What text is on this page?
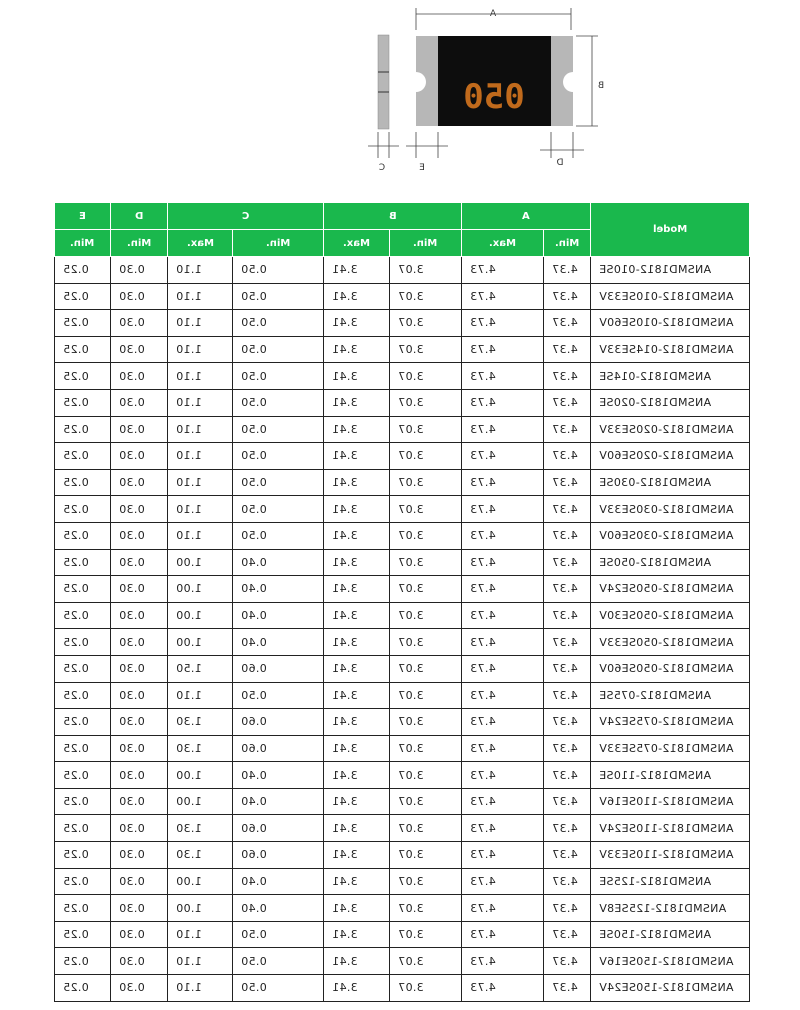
A
050	B
D
C	E
E	D	C		B		A		Model
Min.	Min.	Max.	Min.	Max.	Min.	Max.	Min.	
0.25	0.30	1.10	0.50	3.41	3.07	4.73	4.37	ANSMD1812-010SE
0.25	0.30	1.10	0.50	3.41	3.07	4.73	4.37	ANSMD1812-010SE33V
0.25	0.30	1.10	0.50	3.41	3.07	4.73	4.37	ANSMD1812-010SE60V
0.25	0.30	1.10	0.50	3.41	3.07	4.73	4.37	ANSMD1812-014SE33V
0.25	0.30	1.10	0.50	3.41	3.07	4.73	4.37	ANSMD1812-014SE
0.25	0.30	1.10	0.50	3.41	3.07	4.73	4.37	ANSMD1812-020SE
0.25	0.30	1.10	0.50	3.41	3.07	4.73	4.37	ANSMD1812-020SE33V
0.25	0.30	1.10	0.50	3.41	3.07	4.73	4.37	ANSMD1812-020SE60V
0.25	0.30	1.10	0.50	3.41	3.07	4.73	4.37	ANSMD1812-030SE
0.25	0.30	1.10	0.50	3.41	3.07	4.73	4.37	ANSMD1812-030SE33V
0.25	0.30	1.10	0.50	3.41	3.07	4.73	4.37	ANSMD1812-030SE60V
0.25	0.30	1.00	0.40	3.41	3.07	4.73	4.37	ANSMD1812-050SE
0.25	0.30	1.00	0.40	3.41	3.07	4.73	4.37	ANSMD1812-050SE24V
0.25	0.30	1.00	0.40	3.41	3.07	4.73	4.37	ANSMD1812-050SE30V
0.25	0.30	1.00	0.40	3.41	3.07	4.73	4.37	ANSMD1812-050SE33V
0.25	0.30	1.50	0.60	3.41	3.07	4.73	4.37	ANSMD1812-050SE60V
0.25	0.30	1.10	0.50	3.41	3.07	4.73	4.37	ANSMD1812-075SE
0.25	0.30	1.30	0.60	3.41	3.07	4.73	4.37	ANSMD1812-075SE24V
0.25	0.30	1.30	0.60	3.41	3.07	4.73	4.37	ANSMD1812-075SE33V
0.25	0.30	1.00	0.40	3.41	3.07	4.73	4.37	ANSMD1812-110SE
0.25	0.30	1.00	0.40	3.41	3.07	4.73	4.37	ANSMD1812-110SE16V
0.25	0.30	1.30	0.60	3.41	3.07	4.73	4.37	ANSMD1812-110SE24V
0.25	0.30	1.30	0.60	3.41	3.07	4.73	4.37	ANSMD1812-110SE33V
0.25	0.30	1.00	0.40	3.41	3.07	4.73	4.37	ANSMD1812-125SE
0.25	0.30	1.00	0.40	3.41	3.07	4.73	4.37	ANSMD1812-125SE8V
0.25	0.30	1.10	0.50	3.41	3.07	4.73	4.37	ANSMD1812-150SE
0.25	0.30	1.10	0.50	3.41	3.07	4.73	4.37	ANSMD1812-150SE16V
0.25	0.30	1.10	0.50	3.41	3.07	4.73	4.37	ANSMD1812-150SE24V
